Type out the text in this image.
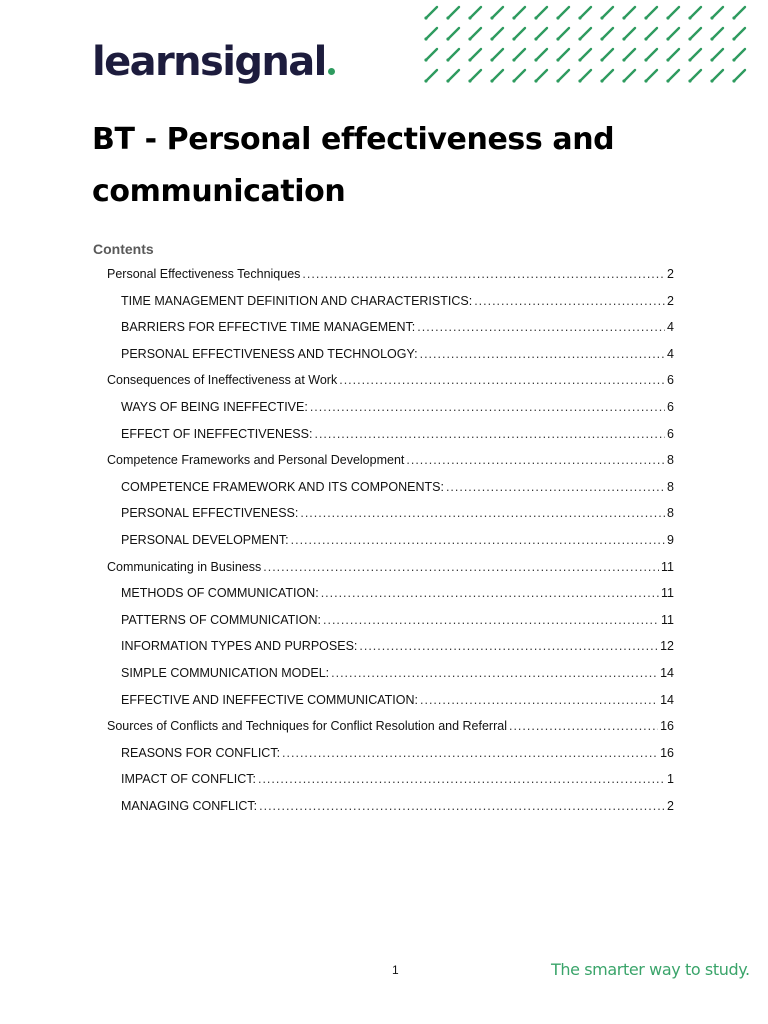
learnsignal
BT - Personal effectiveness and communication
Contents
Personal Effectiveness Techniques .....	2
TIME MANAGEMENT DEFINITION AND CHARACTERISTICS: .....	2
BARRIERS FOR EFFECTIVE TIME MANAGEMENT: .....	4
PERSONAL EFFECTIVENESS AND TECHNOLOGY: .....	4
Consequences of Ineffectiveness at Work .....	6
WAYS OF BEING INEFFECTIVE: .....	6
EFFECT OF INEFFECTIVENESS: .....	6
Competence Frameworks and Personal Development .....	8
COMPETENCE FRAMEWORK AND ITS COMPONENTS: .....	8
PERSONAL EFFECTIVENESS: .....	8
PERSONAL DEVELOPMENT: .....	9
Communicating in Business .....	11
METHODS OF COMMUNICATION: .....	11
PATTERNS OF COMMUNICATION: .....	11
INFORMATION TYPES AND PURPOSES: .....	12
SIMPLE COMMUNICATION MODEL: .....	14
EFFECTIVE AND INEFFECTIVE COMMUNICATION: .....	14
Sources of Conflicts and Techniques for Conflict Resolution and Referral .....	16
REASONS FOR CONFLICT: .....	16
IMPACT OF CONFLICT: .....	1
MANAGING CONFLICT: .....	2
1	The smarter way to study.
